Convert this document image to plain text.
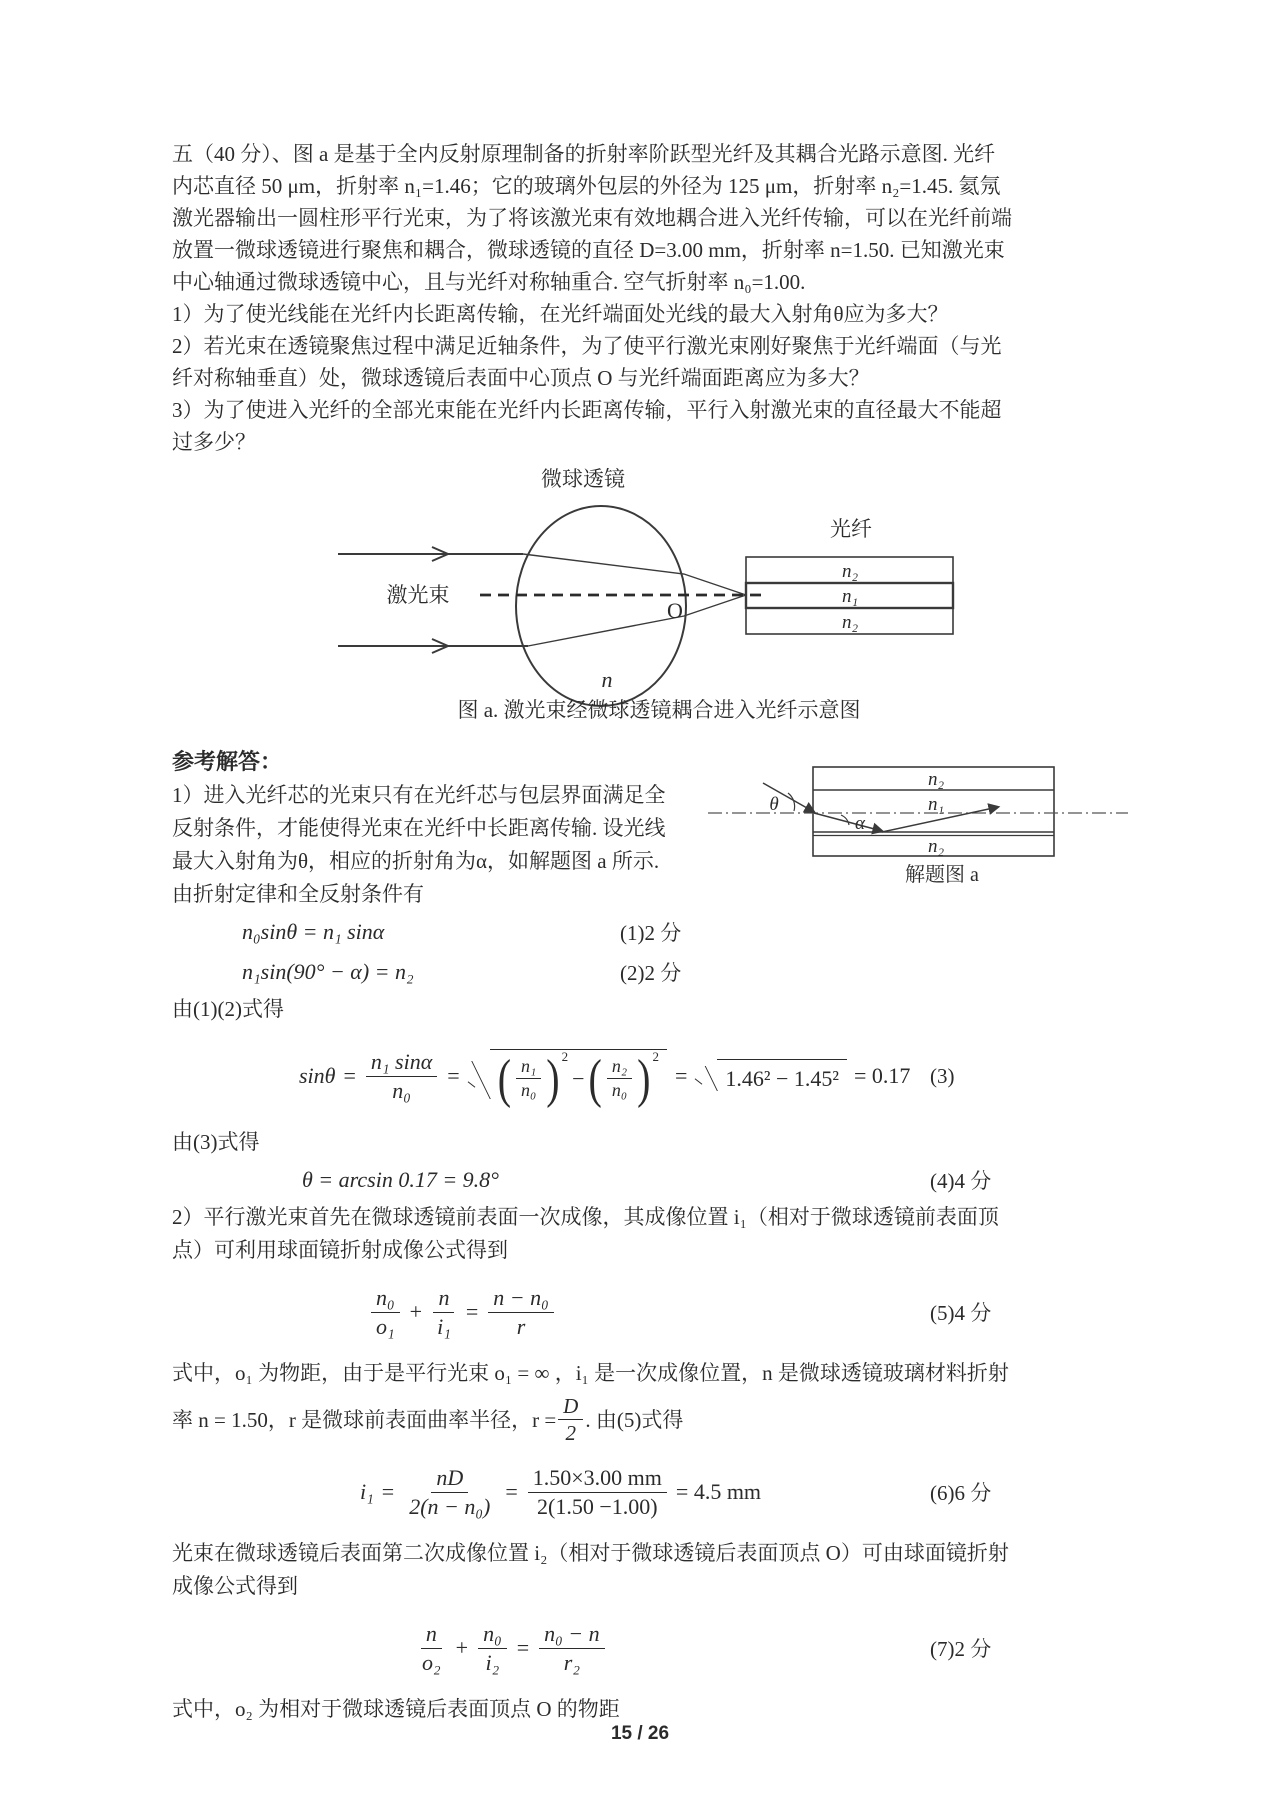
五（40 分）、图 a 是基于全内反射原理制备的折射率阶跃型光纤及其耦合光路示意图. 光纤
内芯直径 50 μm，折射率 n₁=1.46；它的玻璃外包层的外径为 125 μm，折射率 n₂=1.45. 氦氖
激光器输出一圆柱形平行光束，为了将该激光束有效地耦合进入光纤传输，可以在光纤前端
放置一微球透镜进行聚焦和耦合，微球透镜的直径 D=3.00 mm，折射率 n=1.50. 已知激光束
中心轴通过微球透镜中心，且与光纤对称轴重合. 空气折射率 n₀=1.00.
1）为了使光线能在光纤内长距离传输，在光纤端面处光线的最大入射角θ应为多大？
2）若光束在透镜聚焦过程中满足近轴条件，为了使平行激光束刚好聚焦于光纤端面（与光
纤对称轴垂直）处，微球透镜后表面中心顶点 O 与光纤端面距离应为多大？
3）为了使进入光纤的全部光束能在光纤内长距离传输，平行入射激光束的直径最大不能超
过多少？
微球透镜
n₂
n₁
n₂
光纤
O
n
激光束
图 a. 激光束经微球透镜耦合进入光纤示意图
参考解答：
θ
α
n₂
n₁
n₂
解题图 a
1）进入光纤芯的光束只有在光纤芯与包层界面满足全
反射条件，才能使得光束在光纤中长距离传输. 设光线
最大入射角为θ，相应的折射角为α，如解题图 a 所示.
由折射定律和全反射条件有
n₀sinθ = n₁ sinα	(1)2 分
n₁sin(90° − α) = n₂	(2)2 分
由(1)(2)式得
$\sin\theta = \frac{\text{n₁ sinα}}{\text{n₀}}$ = ( $\frac{\text{n₁}}{\text{n₀}}$ ) 2
− ( $\frac{\text{n₂}}{\text{n₀}}$ ) 2
=	1.46² − 1.45² = 0.17 (3)
由(3)式得
θ = arcsin 0.17 = 9.8°	(4)4 分
2）平行激光束首先在微球透镜前表面一次成像，其成像位置 i₁（相对于微球透镜前表面顶
点）可利用球面镜折射成像公式得到
$\frac{\text{n₀}}{\text{o₁}} + \frac{n}{\text{i₁}} = \frac{\text{n − n₀}}{r}$	(5)4 分
式中，o₁ 为物距，由于是平行光束 o₁ = ∞ ，i₁ 是一次成像位置，n 是微球透镜玻璃材料折射
率 n = 1.50，r 是微球前表面曲率半径，$r = \frac{D}{2}$ . 由(5)式得
$i_1 = \frac{nD}{\text{2(n − n₀)}} = \frac{1.50\times 3.00 mm}{2(1.50 -1.00)} = 4.5$ mm	(6)6 分
光束在微球透镜后表面第二次成像位置 i₂（相对于微球透镜后表面顶点 O）可由球面镜折射
成像公式得到
$\frac{n}{\text{o₂}} + \frac{\text{n₀}}{\text{i₂}} = \frac{\text{n₀ − n}}{\text{r₂}}$	(7)2 分
式中，o₂ 为相对于微球透镜后表面顶点 O 的物距
15 / 26
